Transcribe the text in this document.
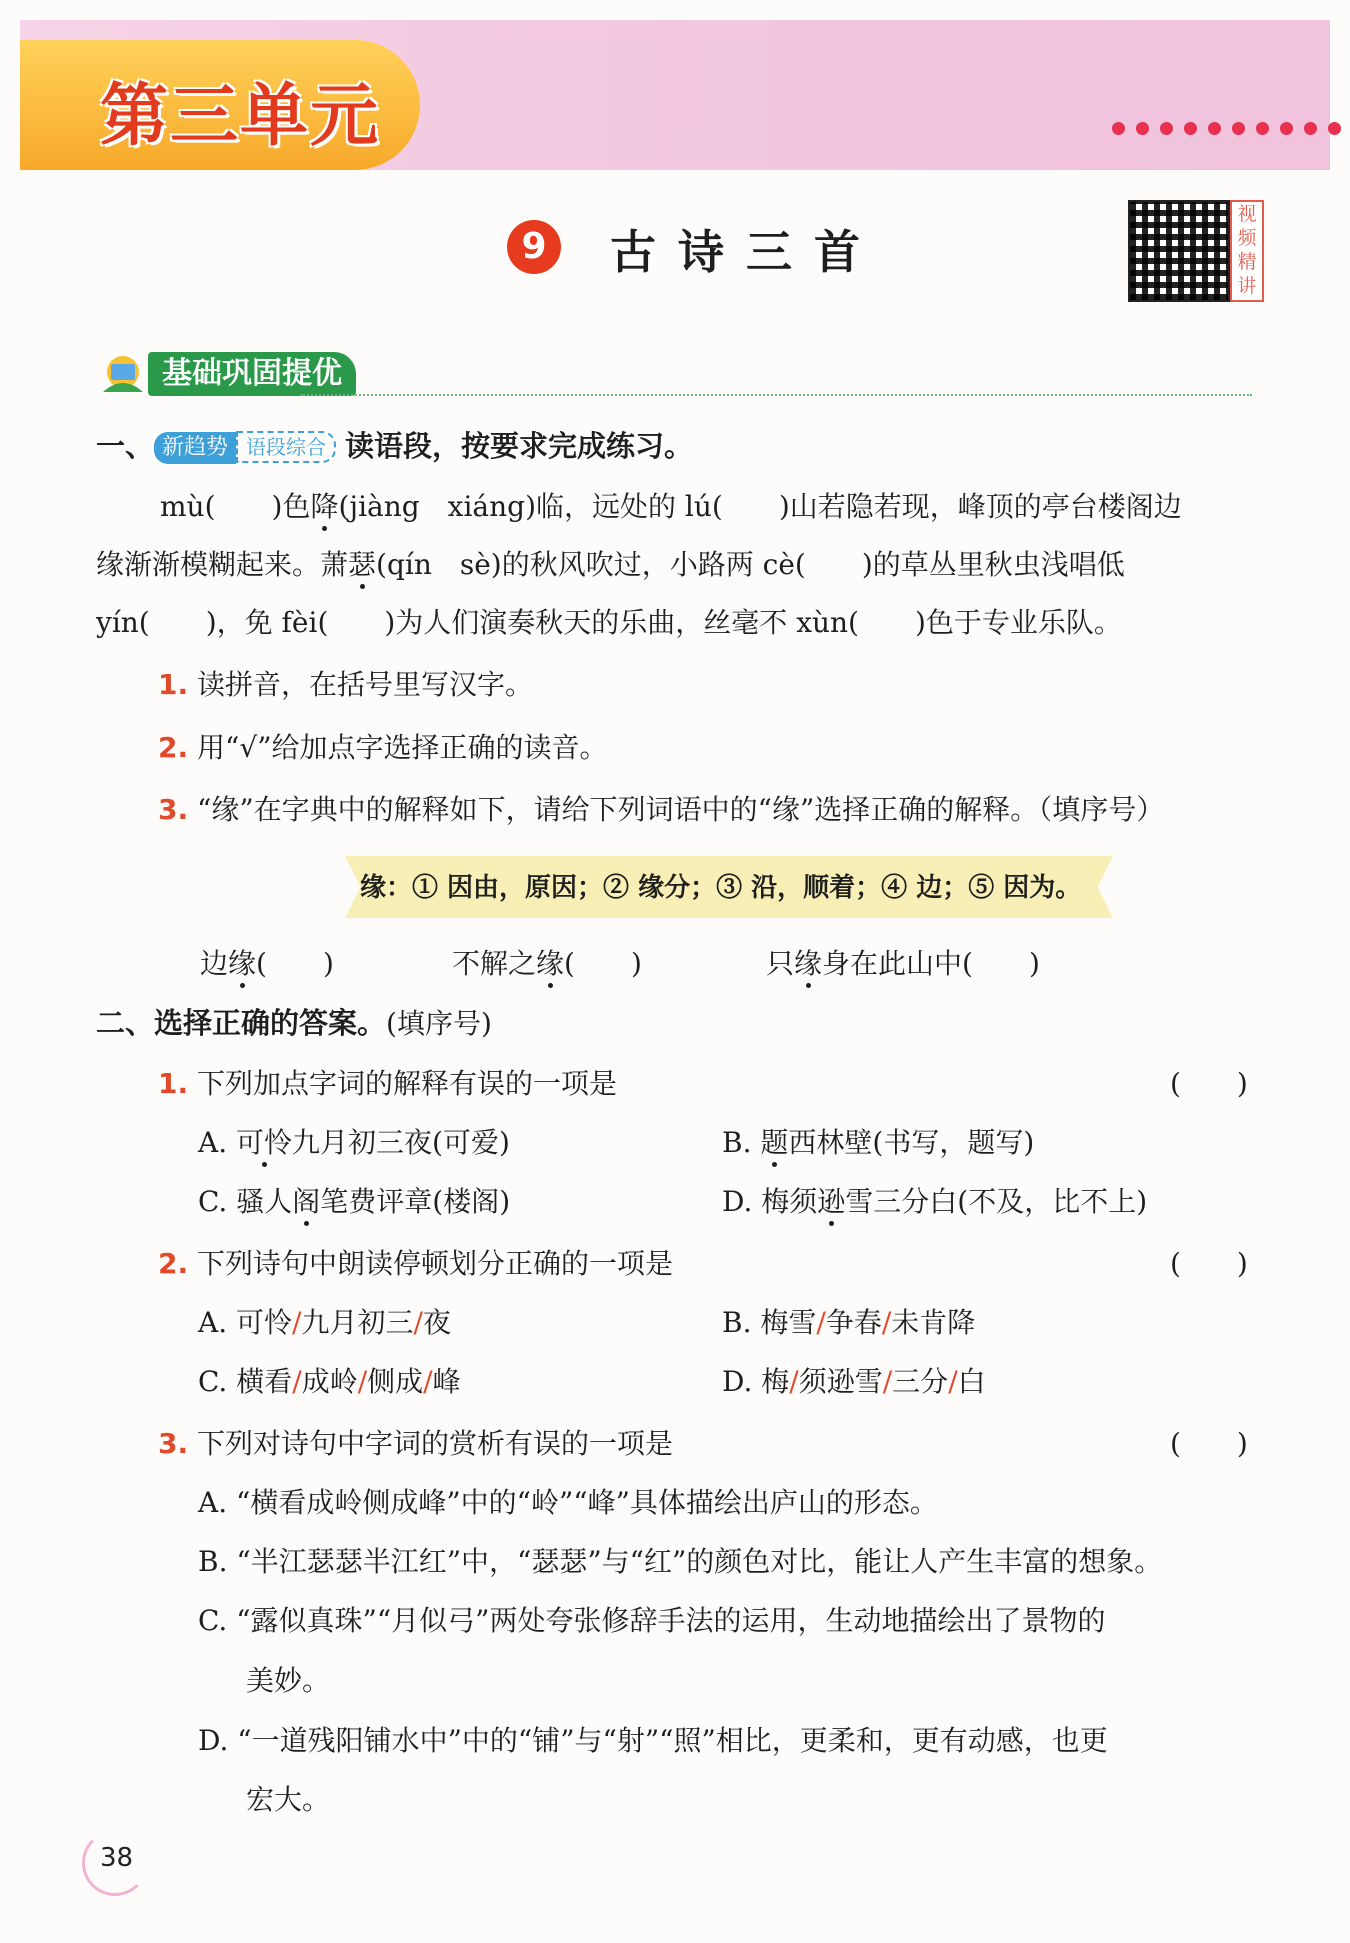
第三单元
9	古诗三首
视频精讲
基础巩固提优
一、 新趋势 语段综合 读语段，按要求完成练习。
mù( )色降(jiàng　xiáng)临，远处的 lú( )山若隐若现，峰顶的亭台楼阁边
缘渐渐模糊起来。萧瑟(qín　sè)的秋风吹过，小路两 cè( )的草丛里秋虫浅唱低
yín( )，免 fèi( )为人们演奏秋天的乐曲，丝毫不 xùn( )色于专业乐队。
1. 读拼音，在括号里写汉字。
2. 用“√”给加点字选择正确的读音。
3. “缘”在字典中的解释如下，请给下列词语中的“缘”选择正确的解释。（填序号）
缘：① 因由，原因；② 缘分；③ 沿，顺着；④ 边；⑤ 因为。
边缘(　　)	不解之缘(　　)	只缘身在此山中(　　)
二、选择正确的答案。(填序号)
1. 下列加点字词的解释有误的一项是	(　　)
A. 可怜九月初三夜(可爱)	B. 题西林壁(书写，题写)
C. 骚人阁笔费评章(楼阁)	D. 梅须逊雪三分白(不及，比不上)
2. 下列诗句中朗读停顿划分正确的一项是	(　　)
A. 可怜/九月初三/夜	B. 梅雪/争春/未肯降
C. 横看/成岭/侧成/峰	D. 梅/须逊雪/三分/白
3. 下列对诗句中字词的赏析有误的一项是	(　　)
A. “横看成岭侧成峰”中的“岭”“峰”具体描绘出庐山的形态。
B. “半江瑟瑟半江红”中，“瑟瑟”与“红”的颜色对比，能让人产生丰富的想象。
C. “露似真珠”“月似弓”两处夸张修辞手法的运用，生动地描绘出了景物的
美妙。
D. “一道残阳铺水中”中的“铺”与“射”“照”相比，更柔和，更有动感，也更
宏大。
38
